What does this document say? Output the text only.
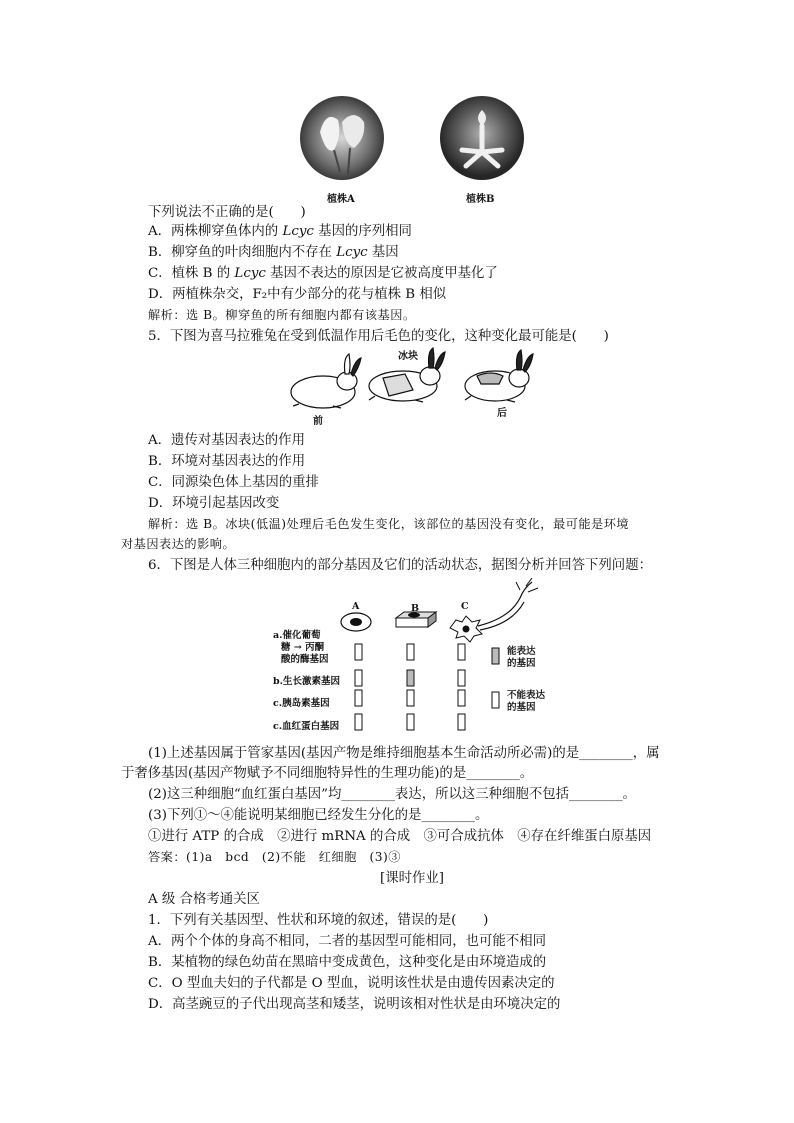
植株A	植株B
下列说法不正确的是(　　)
A．两株柳穿鱼体内的 Lcyc 基因的序列相同
B．柳穿鱼的叶肉细胞内不存在 Lcyc 基因
C．植株 B 的 Lcyc 基因不表达的原因是它被高度甲基化了
D．两植株杂交，F₂中有少部分的花与植株 B 相似
解析：选 B。柳穿鱼的所有细胞内都有该基因。
5．下图为喜马拉雅兔在受到低温作用后毛色的变化，这种变化最可能是(　　)
冰块
前
后
A．遗传对基因表达的作用
B．环境对基因表达的作用
C．同源染色体上基因的重排
D．环境引起基因改变
解析：选 B。冰块(低温)处理后毛色发生变化，该部位的基因没有变化，最可能是环境
对基因表达的影响。
6．下图是人体三种细胞内的部分基因及它们的活动状态，据图分析并回答下列问题：
A	B	C
a.催化葡萄
糖 → 丙酮
酸的酶基因
b.生长激素基因
c.胰岛素基因
c.血红蛋白基因
能表达
的基因
不能表达
的基因
(1)上述基因属于管家基因(基因产物是维持细胞基本生命活动所必需)的是________，属
于奢侈基因(基因产物赋予不同细胞特异性的生理功能)的是________。
(2)这三种细胞“血红蛋白基因”均________表达，所以这三种细胞不包括________。
(3)下列①～④能说明某细胞已经发生分化的是________。
①进行 ATP 的合成　②进行 mRNA 的合成　③可合成抗体　④存在纤维蛋白原基因
答案：(1)a　bcd　(2)不能　红细胞　(3)③
[课时作业]
A 级 合格考通关区
1．下列有关基因型、性状和环境的叙述，错误的是(　　)
A．两个个体的身高不相同，二者的基因型可能相同，也可能不相同
B．某植物的绿色幼苗在黑暗中变成黄色，这种变化是由环境造成的
C．O 型血夫妇的子代都是 O 型血，说明该性状是由遗传因素决定的
D．高茎豌豆的子代出现高茎和矮茎，说明该相对性状是由环境决定的
